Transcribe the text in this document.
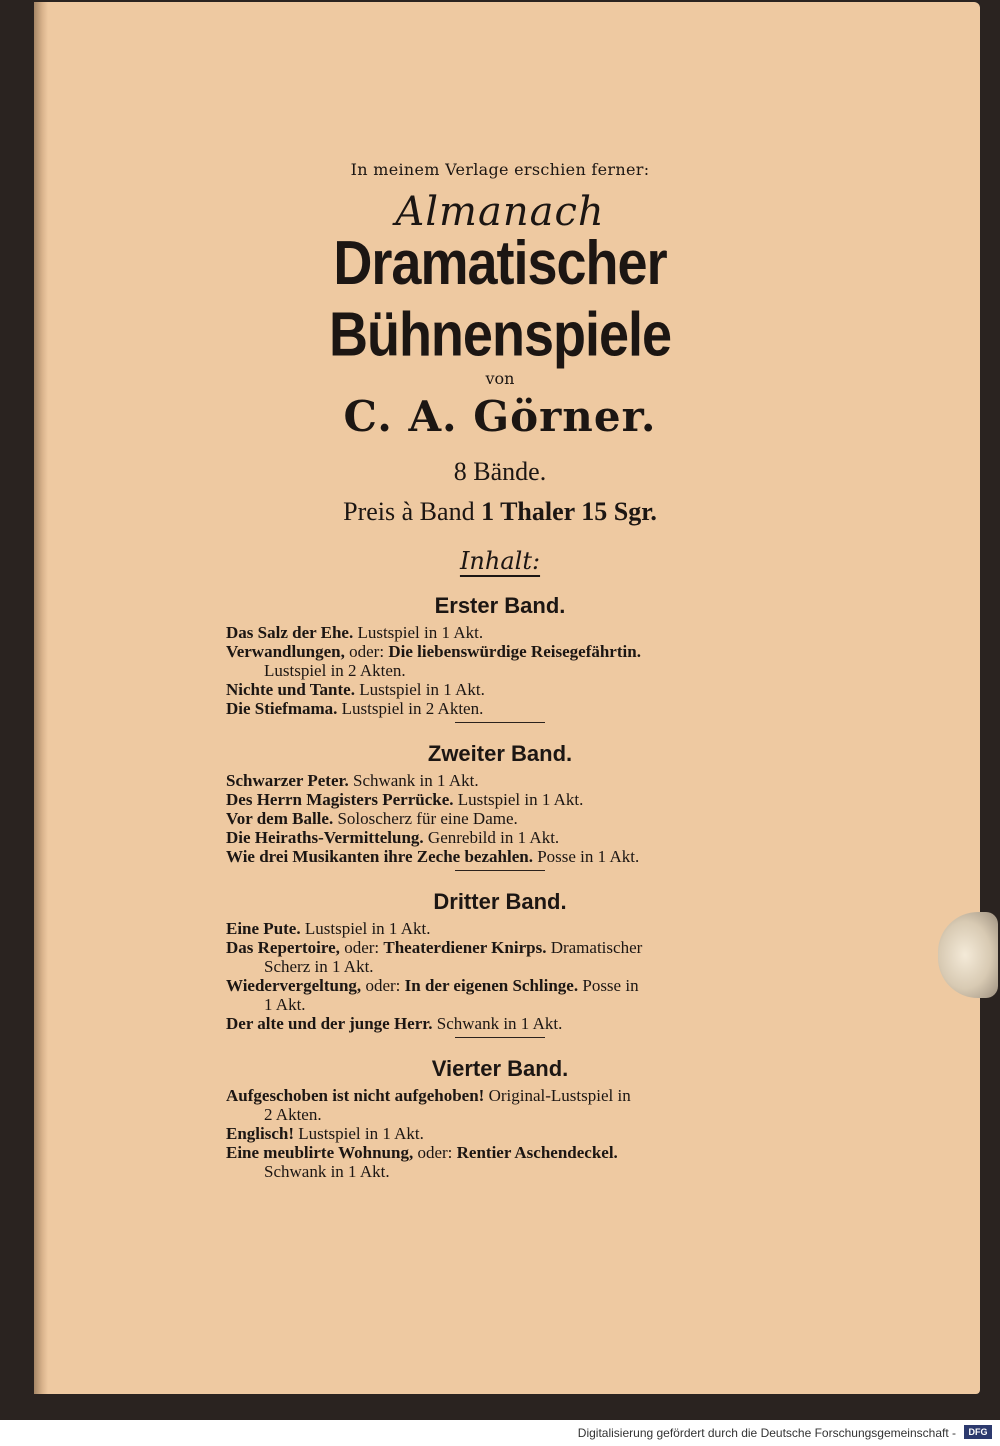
In meinem Verlage erschien ferner:
Almanach
Dramatischer Bühnenspiele
von
C. A. Görner.
8 Bände.
Preis à Band 1 Thaler 15 Sgr.
Inhalt:
Erster Band.
Das Salz der Ehe. Lustspiel in 1 Akt.
Verwandlungen, oder: Die liebenswürdige Reisegefährtin.
Lustspiel in 2 Akten.
Nichte und Tante. Lustspiel in 1 Akt.
Die Stiefmama. Lustspiel in 2 Akten.
Zweiter Band.
Schwarzer Peter. Schwank in 1 Akt.
Des Herrn Magisters Perrücke. Lustspiel in 1 Akt.
Vor dem Balle. Soloscherz für eine Dame.
Die Heiraths-Vermittelung. Genrebild in 1 Akt.
Wie drei Musikanten ihre Zeche bezahlen. Posse in 1 Akt.
Dritter Band.
Eine Pute. Lustspiel in 1 Akt.
Das Repertoire, oder: Theaterdiener Knirps. Dramatischer
Scherz in 1 Akt.
Wiedervergeltung, oder: In der eigenen Schlinge. Posse in
1 Akt.
Der alte und der junge Herr. Schwank in 1 Akt.
Vierter Band.
Aufgeschoben ist nicht aufgehoben! Original-Lustspiel in
2 Akten.
Englisch! Lustspiel in 1 Akt.
Eine meublirte Wohnung, oder: Rentier Aschendeckel.
Schwank in 1 Akt.
Digitalisierung gefördert durch die Deutsche Forschungsgemeinschaft -	DFG
